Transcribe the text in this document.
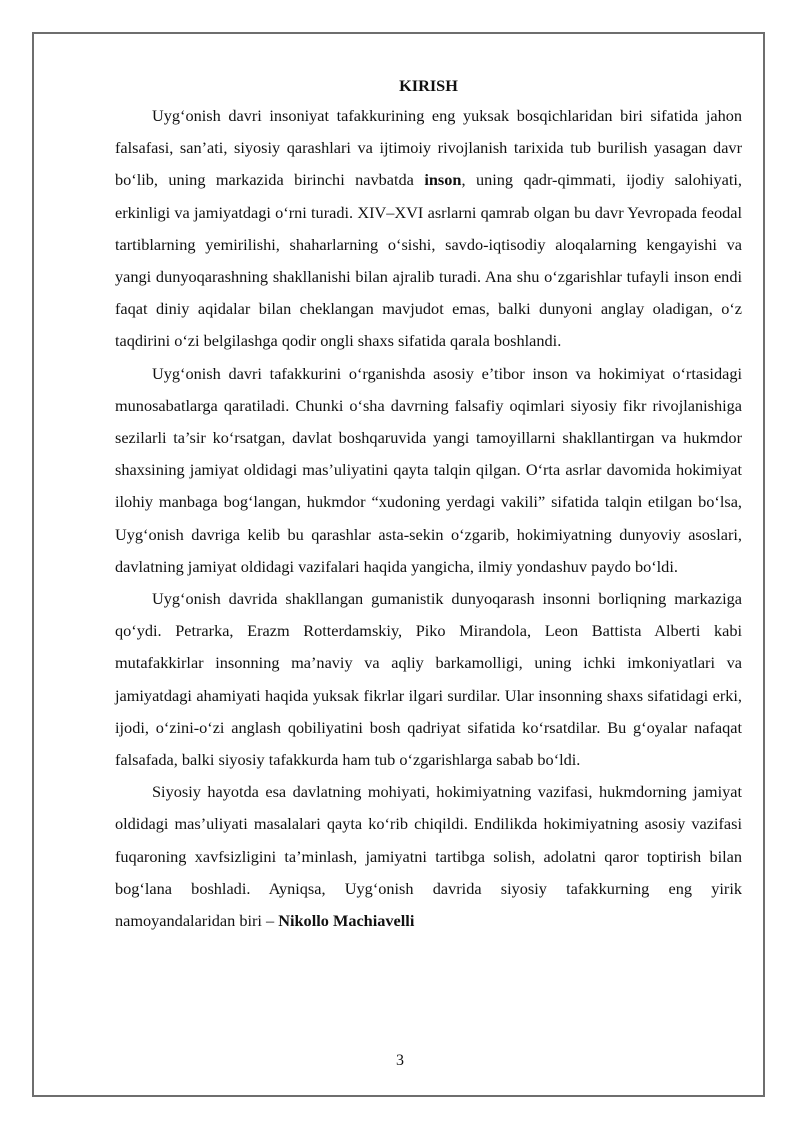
KIRISH

Uyg‘onish davri insoniyat tafakkurining eng yuksak bosqichlaridan biri sifatida jahon falsafasi, san’ati, siyosiy qarashlari va ijtimoiy rivojlanish tarixida tub burilish yasagan davr bo‘lib, uning markazida birinchi navbatda inson, uning qadr-qimmati, ijodiy salohiyati, erkinligi va jamiyatdagi o‘rni turadi. XIV–XVI asrlarni qamrab olgan bu davr Yevropada feodal tartiblarning yemirilishi, shaharlarning o‘sishi, savdo-iqtisodiy aloqalarning kengayishi va yangi dunyoqarashning shakllanishi bilan ajralib turadi. Ana shu o‘zgarishlar tufayli inson endi faqat diniy aqidalar bilan cheklangan mavjudot emas, balki dunyoni anglay oladigan, o‘z taqdirini o‘zi belgilashga qodir ongli shaxs sifatida qarala boshlandi.

Uyg‘onish davri tafakkurini o‘rganishda asosiy e’tibor inson va hokimiyat o‘rtasidagi munosabatlarga qaratiladi. Chunki o‘sha davrning falsafiy oqimlari siyosiy fikr rivojlanishiga sezilarli ta’sir ko‘rsatgan, davlat boshqaruvida yangi tamoyillarni shakllantirgan va hukmdor shaxsining jamiyat oldidagi mas’uliyatini qayta talqin qilgan. O‘rta asrlar davomida hokimiyat ilohiy manbaga bog‘langan, hukmdor “xudoning yerdagi vakili” sifatida talqin etilgan bo‘lsa, Uyg‘onish davriga kelib bu qarashlar asta-sekin o‘zgarib, hokimiyatning dunyoviy asoslari, davlatning jamiyat oldidagi vazifalari haqida yangicha, ilmiy yondashuv paydo bo‘ldi.

Uyg‘onish davrida shakllangan gumanistik dunyoqarash insonni borliqning markaziga qo‘ydi. Petrarka, Erazm Rotterdamskiy, Piko Mirandola, Leon Battista Alberti kabi mutafakkirlar insonning ma’naviy va aqliy barkamolligi, uning ichki imkoniyatlari va jamiyatdagi ahamiyati haqida yuksak fikrlar ilgari surdilar. Ular insonning shaxs sifatidagi erki, ijodi, o‘zini-o‘zi anglash qobiliyatini bosh qadriyat sifatida ko‘rsatdilar. Bu g‘oyalar nafaqat falsafada, balki siyosiy tafakkurda ham tub o‘zgarishlarga sabab bo‘ldi.

Siyosiy hayotda esa davlatning mohiyati, hokimiyatning vazifasi, hukmdorning jamiyat oldidagi mas’uliyati masalalari qayta ko‘rib chiqildi. Endilikda hokimiyatning asosiy vazifasi fuqaroning xavfsizligini ta’minlash, jamiyatni tartibga solish, adolatni qaror toptirish bilan bog‘lana boshladi. Ayniqsa, Uyg‘onish davrida siyosiy tafakkurning eng yirik namoyandalaridan biri – Nikollo Machiavelli

3
